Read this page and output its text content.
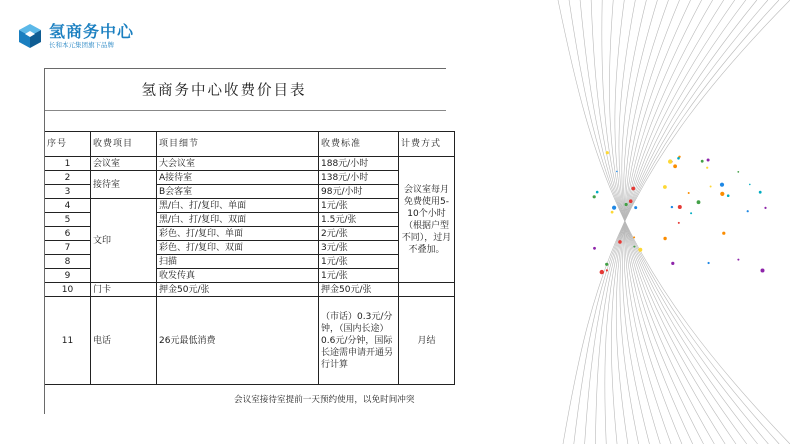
氢商务中心
长和本元集团旗下品牌
氢商务中心收费价目表
序号	收费项目	项目细节	收费标准	计费方式
1	会议室	大会议室	188元/小时	会议室每月免费使用5-10个小时（根据户型不同），过月不叠加。
2	接待室	A接待室	138元/小时	
3		B会客室	98元/小时	
4	文印	黑/白、打/复印、单面	1元/张	
5		黑/白、打/复印、双面	1.5元/张	
6		彩色、打/复印、单面	2元/张	
7		彩色、打/复印、双面	3元/张	
8		扫描	1元/张	
9		收发传真	1元/张	
10	门卡	押金50元/张	押金50元/张	
11	电话	26元最低消费	（市话）0.3元/分钟，（国内长途）0.6元/分钟，国际长途需申请开通另行计算	月结
会议室接待室提前一天预约使用，以免时间冲突
